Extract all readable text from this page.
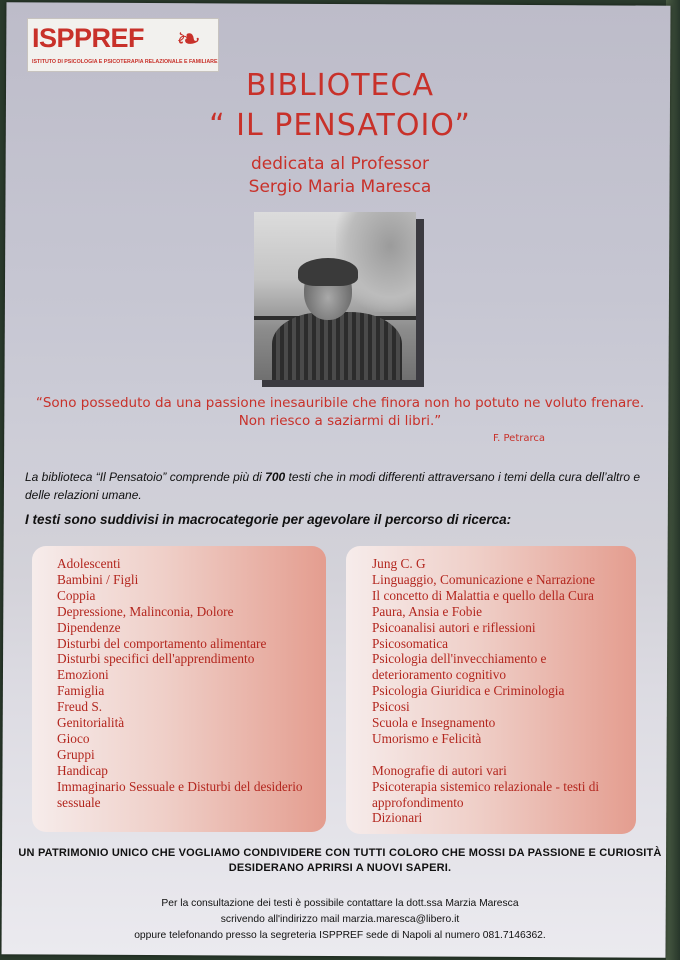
ISPPREF ❧
ISTITUTO DI PSICOLOGIA E PSICOTERAPIA RELAZIONALE E FAMILIARE
BIBLIOTECA
“ IL PENSATOIO”
dedicata al Professor
Sergio Maria Maresca
“Sono posseduto da una passione inesauribile che finora non ho potuto ne voluto frenare.
Non riesco a saziarmi di libri.”
F. Petrarca
La biblioteca “Il Pensatoio” comprende più di 700 testi che in modi differenti attraversano i temi della cura dell’altro e delle relazioni umane.
I testi sono suddivisi in macrocategorie per agevolare il percorso di ricerca:
Adolescenti
Bambini / Figli
Coppia
Depressione, Malinconia, Dolore
Dipendenze
Disturbi del comportamento alimentare
Disturbi specifici dell'apprendimento
Emozioni
Famiglia
Freud S.
Genitorialità
Gioco
Gruppi
Handicap
Immaginario Sessuale e Disturbi del desiderio
sessuale
Jung C. G
Linguaggio, Comunicazione e Narrazione
Il concetto di Malattia e quello della Cura
Paura, Ansia e Fobie
Psicoanalisi autori e riflessioni
Psicosomatica
Psicologia dell'invecchiamento e
deterioramento cognitivo
Psicologia Giuridica e Criminologia
Psicosi
Scuola e Insegnamento
Umorismo e Felicità
Monografie di autori vari
Psicoterapia sistemico relazionale - testi di
approfondimento
Dizionari
UN PATRIMONIO UNICO CHE VOGLIAMO CONDIVIDERE CON TUTTI COLORO CHE MOSSI DA PASSIONE E CURIOSITÀ
DESIDERANO APRIRSI A NUOVI SAPERI.
Per la consultazione dei testi è possibile contattare la dott.ssa Marzia Maresca
scrivendo all'indirizzo mail marzia.maresca@libero.it
oppure telefonando presso la segreteria ISPPREF sede di Napoli al numero 081.7146362.
